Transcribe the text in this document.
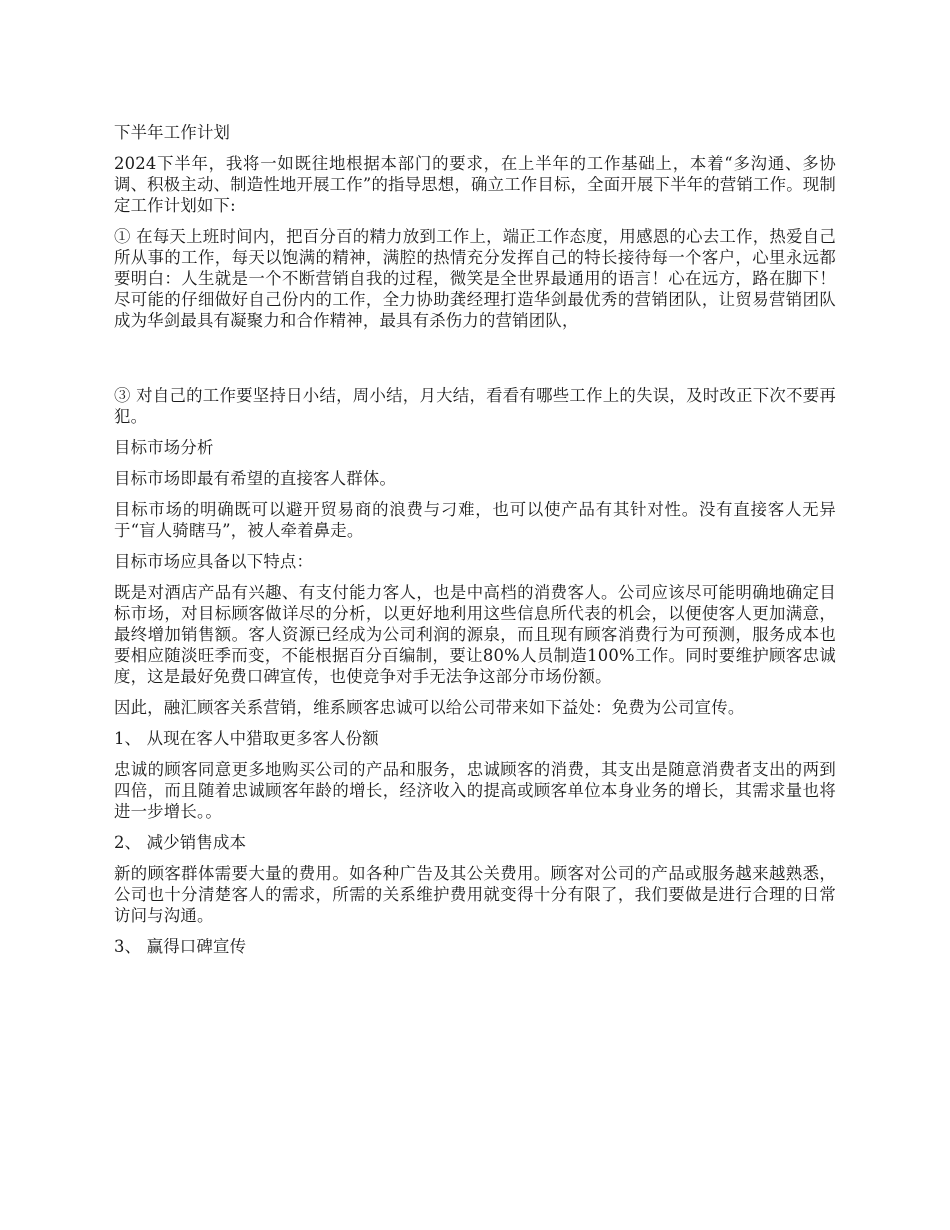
下半年工作计划

2024下半年，我将一如既往地根据本部门的要求，在上半年的工作基础上，本着“多沟通、多协调、积极主动、制造性地开展工作”的指导思想，确立工作目标，全面开展下半年的营销工作。现制定工作计划如下:

① 在每天上班时间内，把百分百的精力放到工作上，端正工作态度，用感恩的心去工作，热爱自己所从事的工作，每天以饱满的精神，满腔的热情充分发挥自己的特长接待每一个客户，心里永远都要明白：人生就是一个不断营销自我的过程，微笑是全世界最通用的语言！心在远方，路在脚下！尽可能的仔细做好自己份内的工作，全力协助龚经理打造华剑最优秀的营销团队，让贸易营销团队成为华剑最具有凝聚力和合作精神，最具有杀伤力的营销团队，

③ 对自己的工作要坚持日小结，周小结，月大结，看看有哪些工作上的失误，及时改正下次不要再犯。

目标市场分析

目标市场即最有希望的直接客人群体。

目标市场的明确既可以避开贸易商的浪费与刁难，也可以使产品有其针对性。没有直接客人无异于“盲人骑瞎马”，被人牵着鼻走。

目标市场应具备以下特点：

既是对酒店产品有兴趣、有支付能力客人，也是中高档的消费客人。公司应该尽可能明确地确定目标市场，对目标顾客做详尽的分析，以更好地利用这些信息所代表的机会，以便使客人更加满意，最终增加销售额。客人资源已经成为公司利润的源泉，而且现有顾客消费行为可预测，服务成本也要相应随淡旺季而变，不能根据百分百编制，要让80%人员制造100%工作。同时要维护顾客忠诚度，这是最好免费口碑宣传，也使竞争对手无法争这部分市场份额。

因此，融汇顾客关系营销，维系顾客忠诚可以给公司带来如下益处：免费为公司宣传。

1、 从现在客人中猎取更多客人份额

忠诚的顾客同意更多地购买公司的产品和服务，忠诚顾客的消费，其支出是随意消费者支出的两到四倍，而且随着忠诚顾客年龄的增长，经济收入的提高或顾客单位本身业务的增长，其需求量也将进一步增长。。

2、 减少销售成本

新的顾客群体需要大量的费用。如各种广告及其公关费用。顾客对公司的产品或服务越来越熟悉，公司也十分清楚客人的需求，所需的关系维护费用就变得十分有限了，我们要做是进行合理的日常访问与沟通。

3、 赢得口碑宣传
